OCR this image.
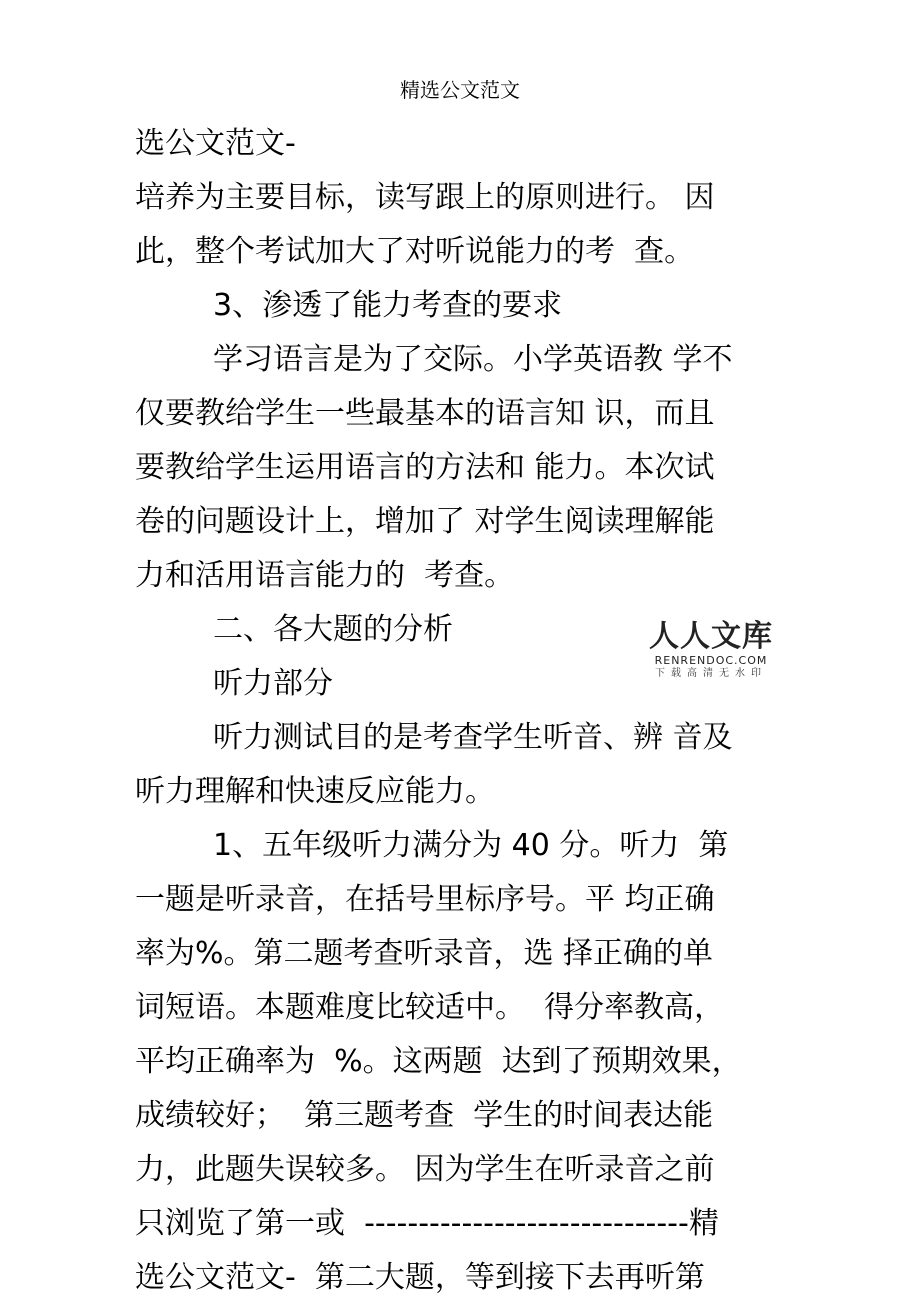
精选公文范文
选公文范文-
培养为主要目标，读写跟上的原则进行。 因
此，整个考试加大了对听说能力的考  查。
3、渗透了能力考查的要求
学习语言是为了交际。小学英语教 学不
仅要教给学生一些最基本的语言知 识，而且
要教给学生运用语言的方法和 能力。本次试
卷的问题设计上，增加了 对学生阅读理解能
力和活用语言能力的  考查。
二、各大题的分析
听力部分
听力测试目的是考查学生听音、辨 音及
听力理解和快速反应能力。
1、五年级听力满分为 40 分。听力  第
一题是听录音，在括号里标序号。平 均正确
率为%。第二题考查听录音，选 择正确的单
词短语。本题难度比较适中。  得分率教高，
平均正确率为  %。这两题  达到了预期效果，
成绩较好；  第三题考查  学生的时间表达能
力，此题失误较多。 因为学生在听录音之前
只浏览了第一或  ------------------------------精
选公文范文-  第二大题，等到接下去再听第
人人文库
RENRENDOC.COM
下载高清无水印
